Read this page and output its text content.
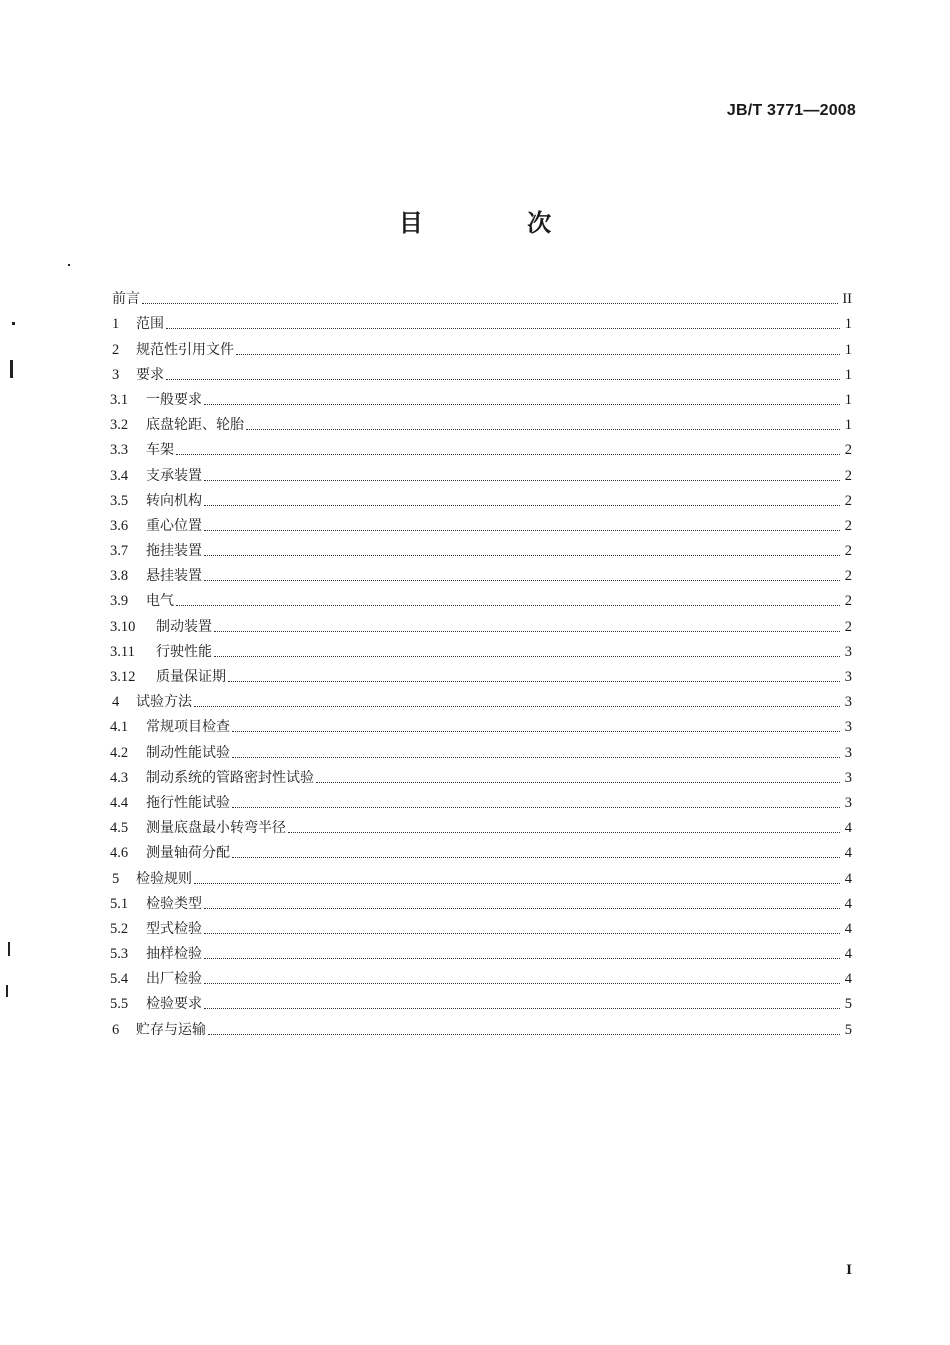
JB/T 3771—2008
目 次
前言	II
1	范围	1
2	规范性引用文件	1
3	要求	1
3.1	一般要求	1
3.2	底盘轮距、轮胎	1
3.3	车架	2
3.4	支承装置	2
3.5	转向机构	2
3.6	重心位置	2
3.7	拖挂装置	2
3.8	悬挂装置	2
3.9	电气	2
3.10	制动装置	2
3.11	行驶性能	3
3.12	质量保证期	3
4	试验方法	3
4.1	常规项目检查	3
4.2	制动性能试验	3
4.3	制动系统的管路密封性试验	3
4.4	拖行性能试验	3
4.5	测量底盘最小转弯半径	4
4.6	测量轴荷分配	4
5	检验规则	4
5.1	检验类型	4
5.2	型式检验	4
5.3	抽样检验	4
5.4	出厂检验	4
5.5	检验要求	5
6	贮存与运输	5
I
